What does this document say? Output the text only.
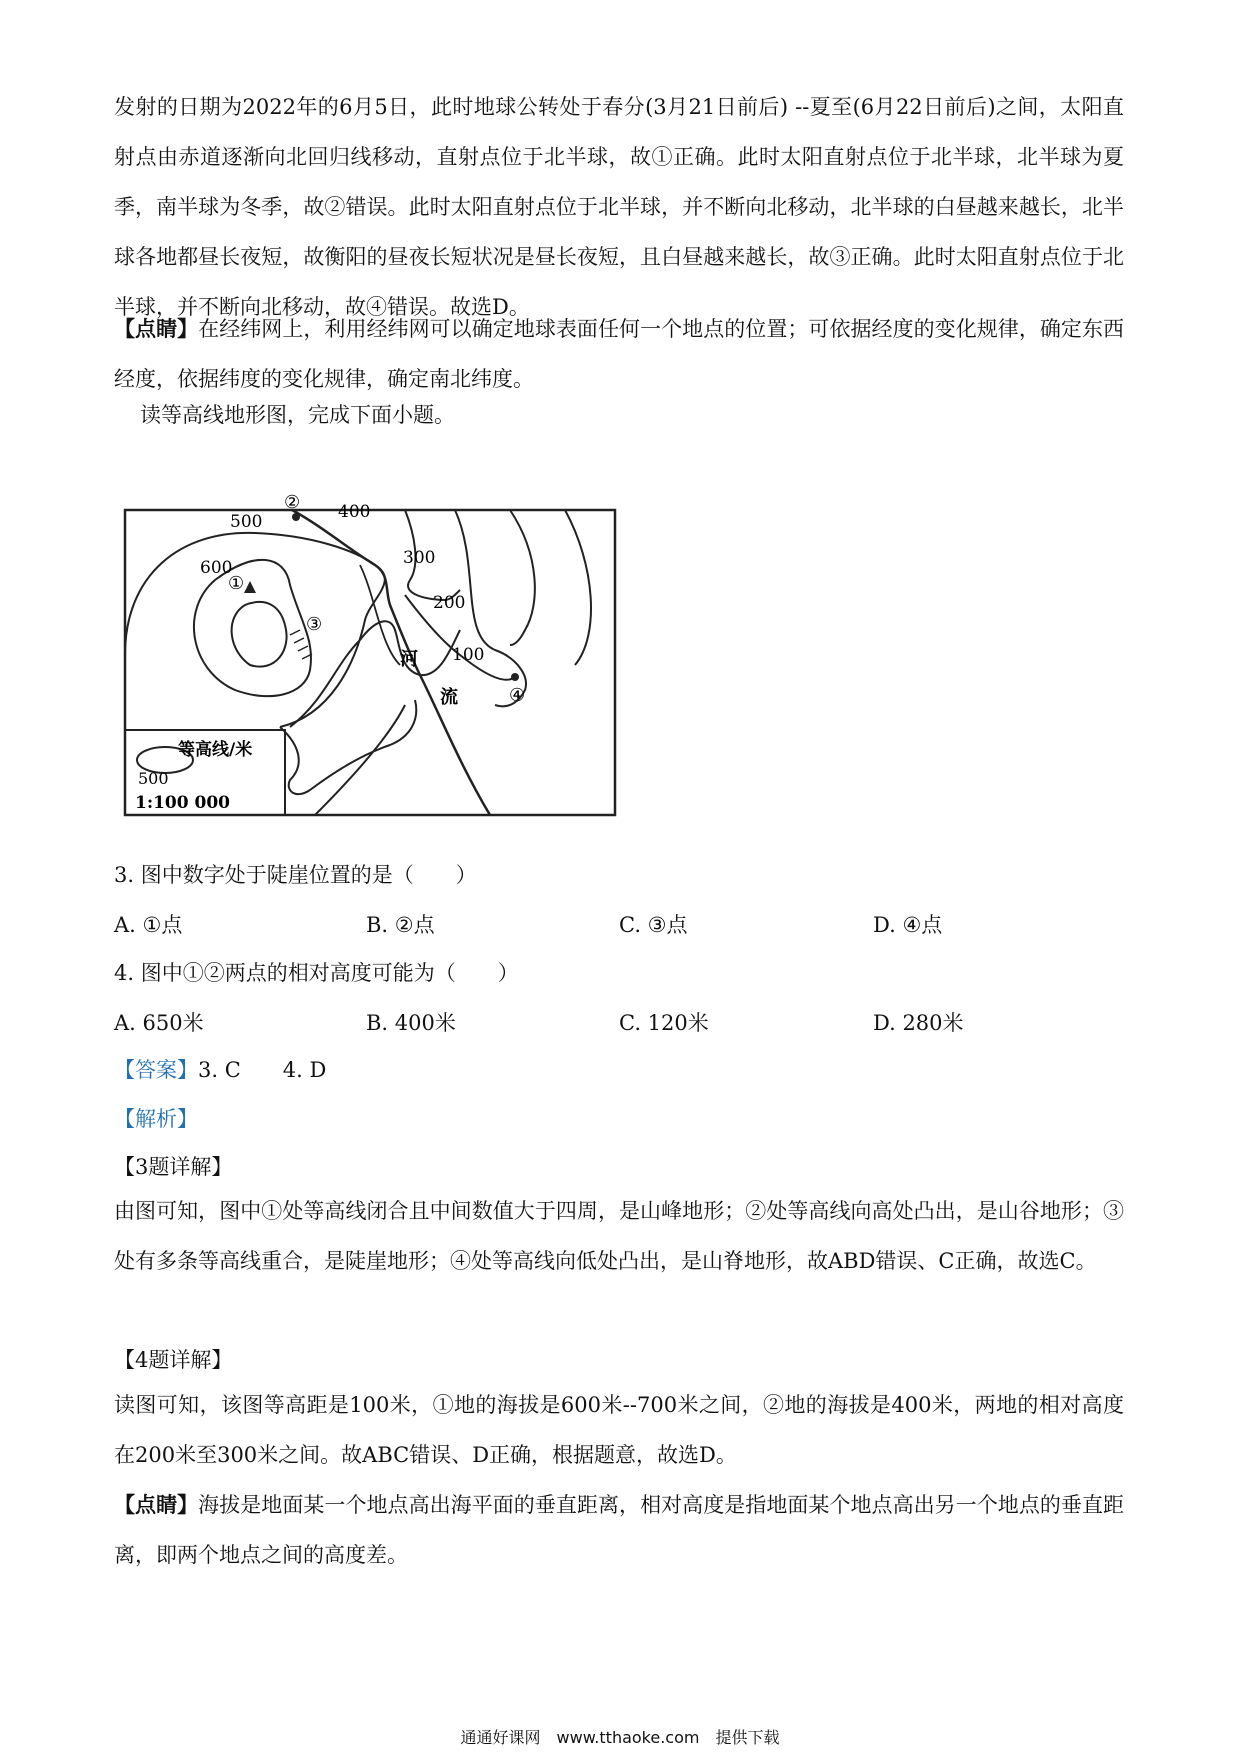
发射的日期为2022年的6月5日，此时地球公转处于春分(3月21日前后) --夏至(6月22日前后)之间，太阳直射点由赤道逐渐向北回归线移动，直射点位于北半球，故①正确。此时太阳直射点位于北半球，北半球为夏季，南半球为冬季，故②错误。此时太阳直射点位于北半球，并不断向北移动，北半球的白昼越来越长，北半球各地都昼长夜短，故衡阳的昼夜长短状况是昼长夜短，且白昼越来越长，故③正确。此时太阳直射点位于北半球，并不断向北移动，故④错误。故选D。

【点睛】在经纬网上，利用经纬网可以确定地球表面任何一个地点的位置；可依据经度的变化规律，确定东西经度，依据纬度的变化规律，确定南北纬度。

读等高线地形图，完成下面小题。
600
500	400
300
200
100
①
②
③
④
河
流
500
等高线/米
1:100 000
3. 图中数字处于陡崖位置的是（　　）
A. ①点	B. ②点	C. ③点	D. ④点
4. 图中①②两点的相对高度可能为（　　）
A. 650米	B. 400米	C. 120米	D. 280米
【答案】3. C　　4. D
【解析】
【3题详解】

由图可知，图中①处等高线闭合且中间数值大于四周，是山峰地形；②处等高线向高处凸出，是山谷地形；③处有多条等高线重合，是陡崖地形；④处等高线向低处凸出，是山脊地形，故ABD错误、C正确，故选C。

【4题详解】

读图可知，该图等高距是100米，①地的海拔是600米--700米之间，②地的海拔是400米，两地的相对高度在200米至300米之间。故ABC错误、D正确，根据题意，故选D。

【点睛】海拔是地面某一个地点高出海平面的垂直距离，相对高度是指地面某个地点高出另一个地点的垂直距离，即两个地点之间的高度差。

通通好课网　www.tthaoke.com　提供下载
